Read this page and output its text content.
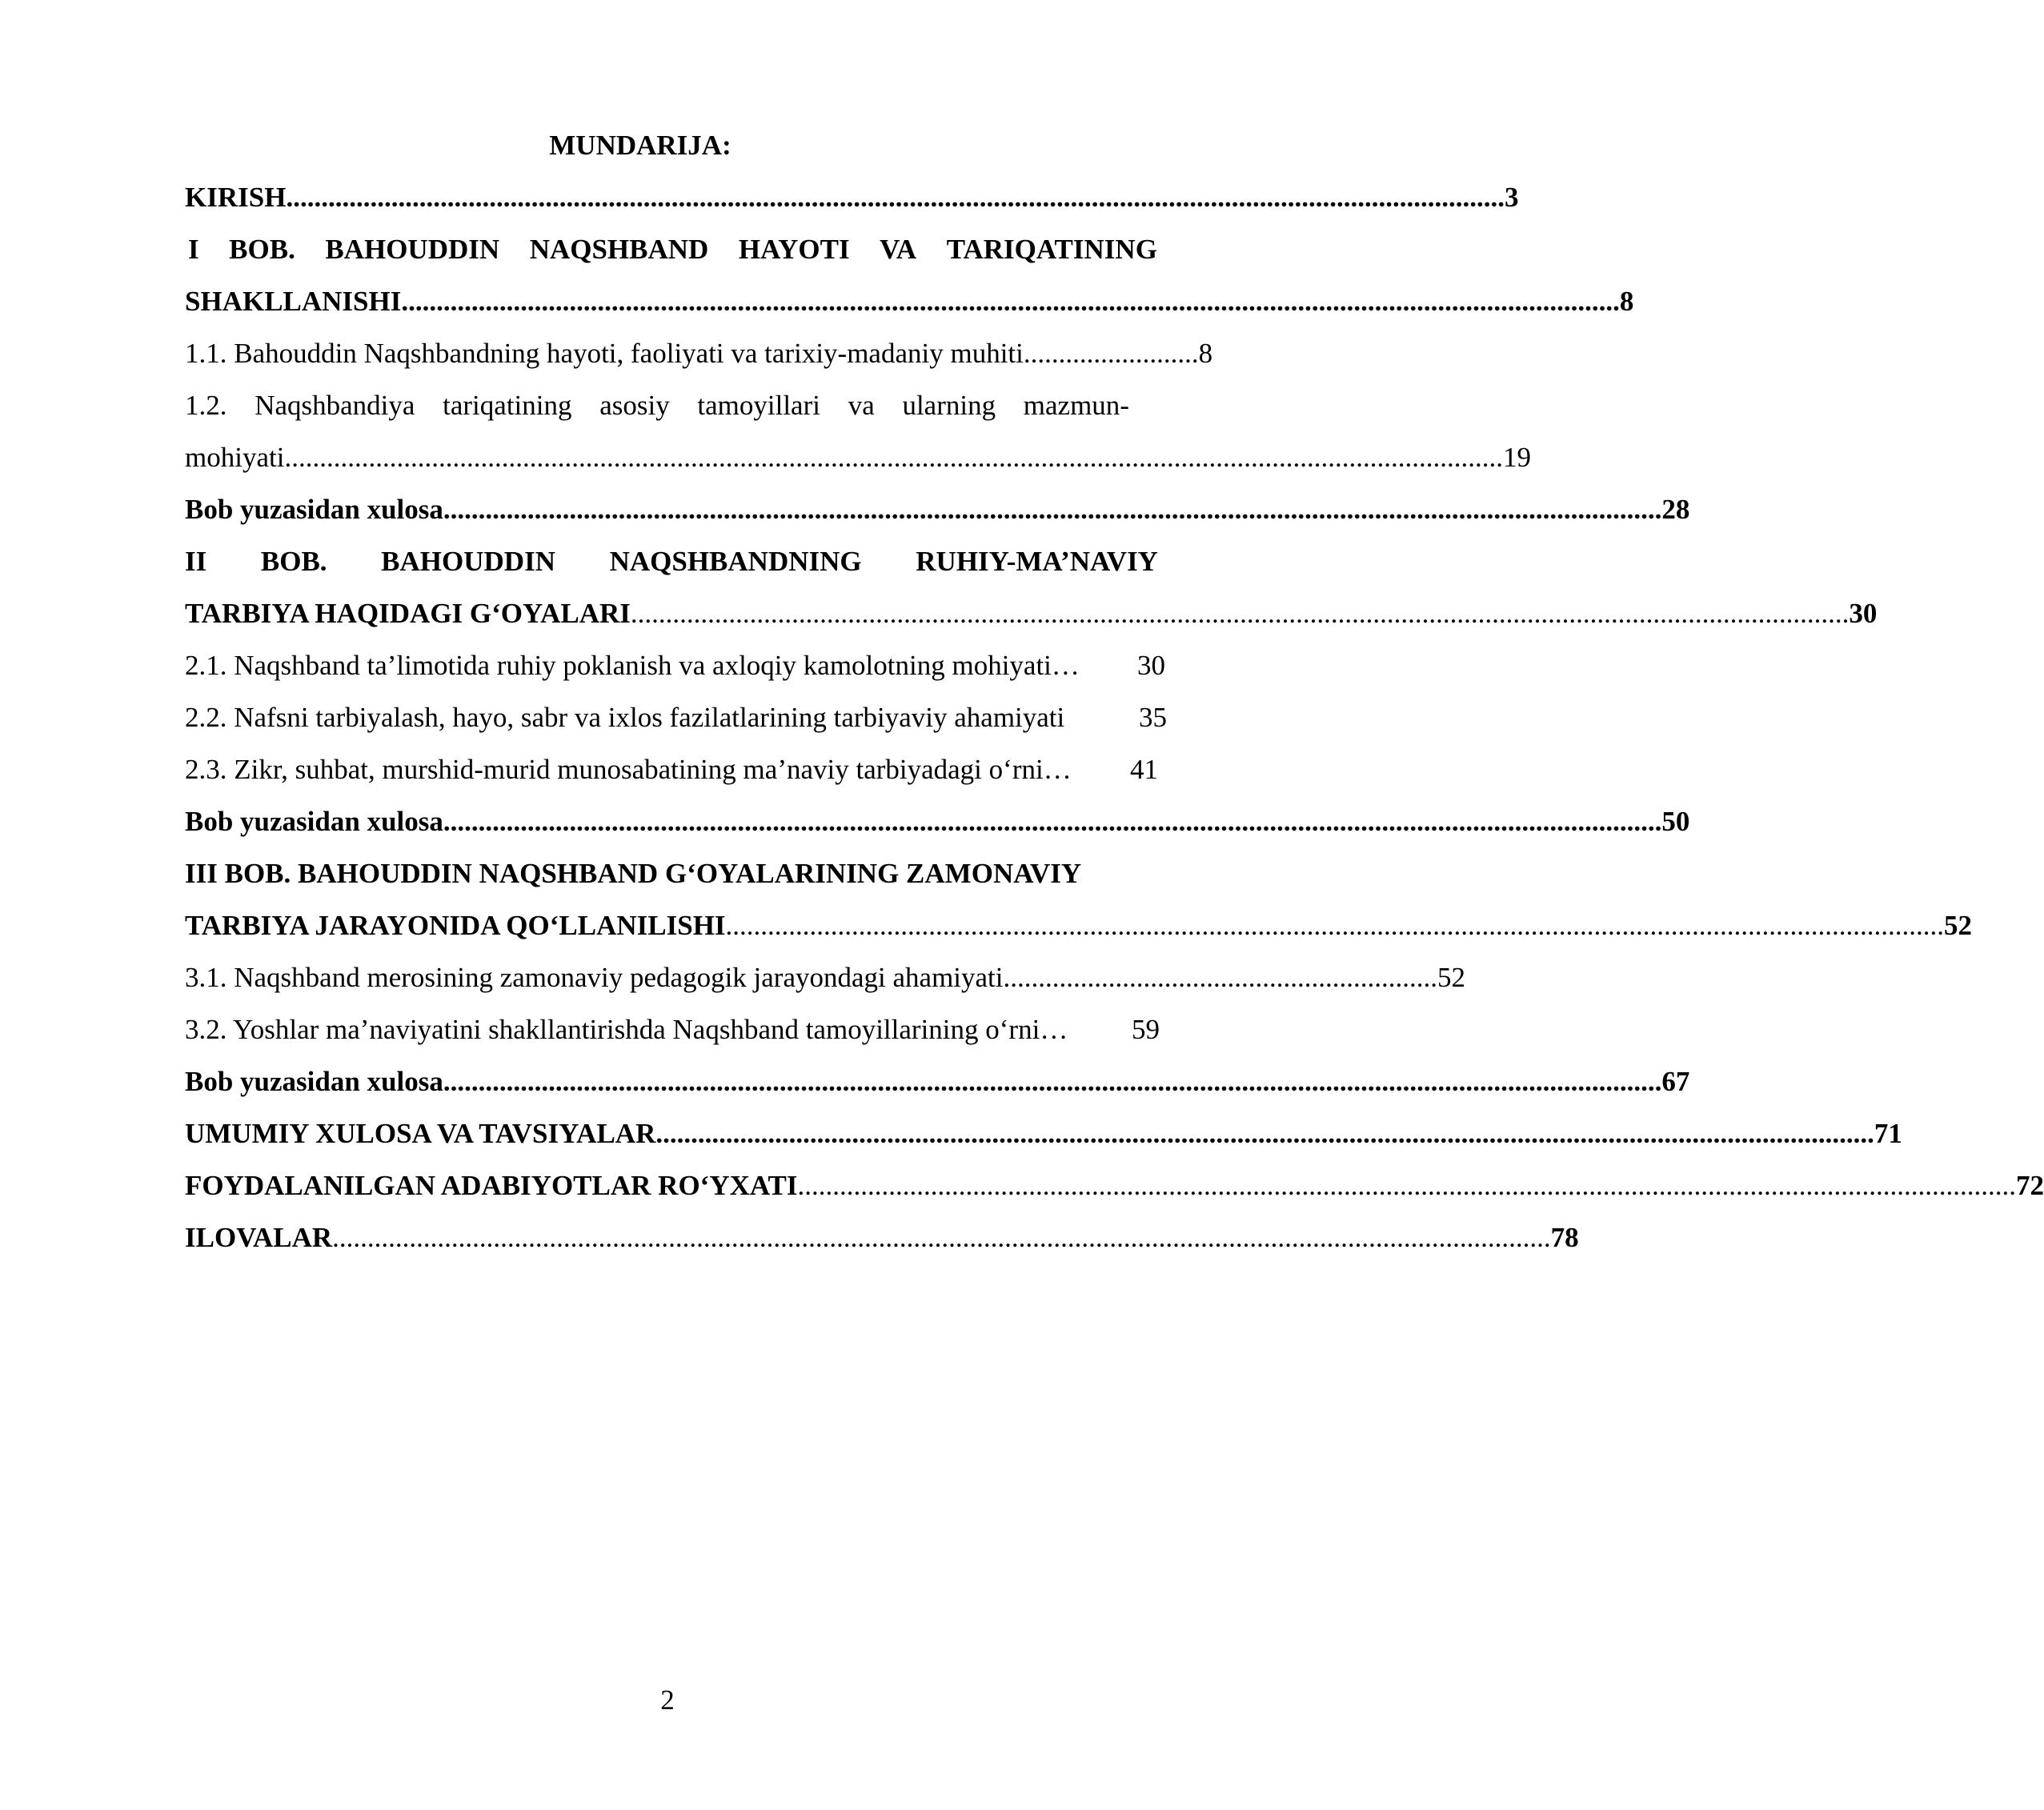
MUNDARIJA:
KIRISH .............................................................................................................................................................................. 3
I BOB. BAHOUDDIN NAQSHBAND HAYOTI VA TARIQATINING
SHAKLLANISHI .............................................................................................................................................................................. 8
1.1. Bahouddin Naqshbandning hayoti, faoliyati va tarixiy-madaniy muhiti ......................... 8
1.2. Naqshbandiya tariqatining asosiy tamoyillari va ularning mazmun-
mohiyati .............................................................................................................................................................................. 19
Bob yuzasidan xulosa .............................................................................................................................................................................. 28
II BOB. BAHOUDDIN NAQSHBANDNING RUHIY-MA’NAVIY
TARBIYA HAQIDAGI G‘OYALARI .............................................................................................................................................................................. 30
2.1. Naqshband ta’limotida ruhiy poklanish va axloqiy kamolotning mohiyati …	30
2.2. Nafsni tarbiyalash, hayo, sabr va ixlos fazilatlarining tarbiyaviy ahamiyati	35
2.3. Zikr, suhbat, murshid-murid munosabatining ma’naviy tarbiyadagi o‘rni …	41
Bob yuzasidan xulosa .............................................................................................................................................................................. 50
III BOB. BAHOUDDIN NAQSHBAND G‘OYALARINING ZAMONAVIY
TARBIYA JARAYONIDA QO‘LLANILISHI .............................................................................................................................................................................. 52
3.1. Naqshband merosining zamonaviy pedagogik jarayondagi ahamiyati .............................................................. 52
3.2. Yoshlar ma’naviyatini shakllantirishda Naqshband tamoyillarining o‘rni …	59
Bob yuzasidan xulosa .............................................................................................................................................................................. 67
UMUMIY XULOSA VA TAVSIYALAR .............................................................................................................................................................................. 71
FOYDALANILGAN ADABIYOTLAR RO‘YXATI .............................................................................................................................................................................. 72
ILOVALAR .............................................................................................................................................................................. 78
2
